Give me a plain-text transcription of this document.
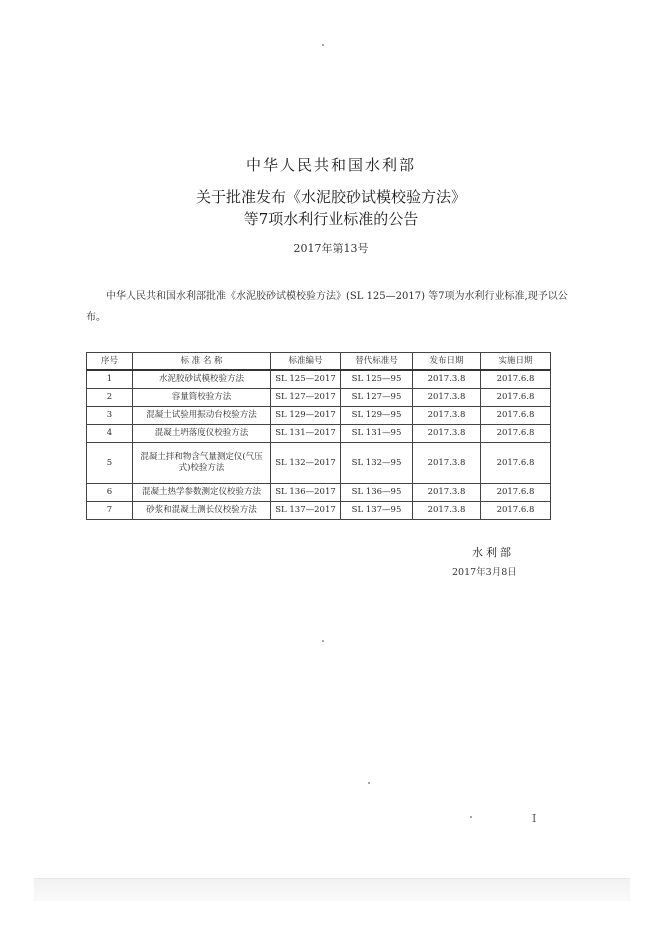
中华人民共和国水利部
关于批准发布《水泥胶砂试模校验方法》
等7项水利行业标准的公告
2017年第13号
中华人民共和国水利部批准《水泥胶砂试模校验方法》(SL 125—2017) 等7项为水利行业标准,现予以公布。
序号	标 准 名 称	标准编号	替代标准号	发布日期	实施日期
1	水泥胶砂试模校验方法	SL 125—2017	SL 125—95	2017.3.8	2017.6.8
2	容量筒校验方法	SL 127—2017	SL 127—95	2017.3.8	2017.6.8
3	混凝土试验用振动台校验方法	SL 129—2017	SL 129—95	2017.3.8	2017.6.8
4	混凝土坍落度仪校验方法	SL 131—2017	SL 131—95	2017.3.8	2017.6.8
5	混凝土拌和物含气量测定仪(气压式)校验方法	SL 132—2017	SL 132—95	2017.3.8	2017.6.8
6	混凝土热学参数测定仪校验方法	SL 136—2017	SL 136—95	2017.3.8	2017.6.8
7	砂浆和混凝土测长仪校验方法	SL 137—2017	SL 137—95	2017.3.8	2017.6.8
水利部
2017年3月8日
I
